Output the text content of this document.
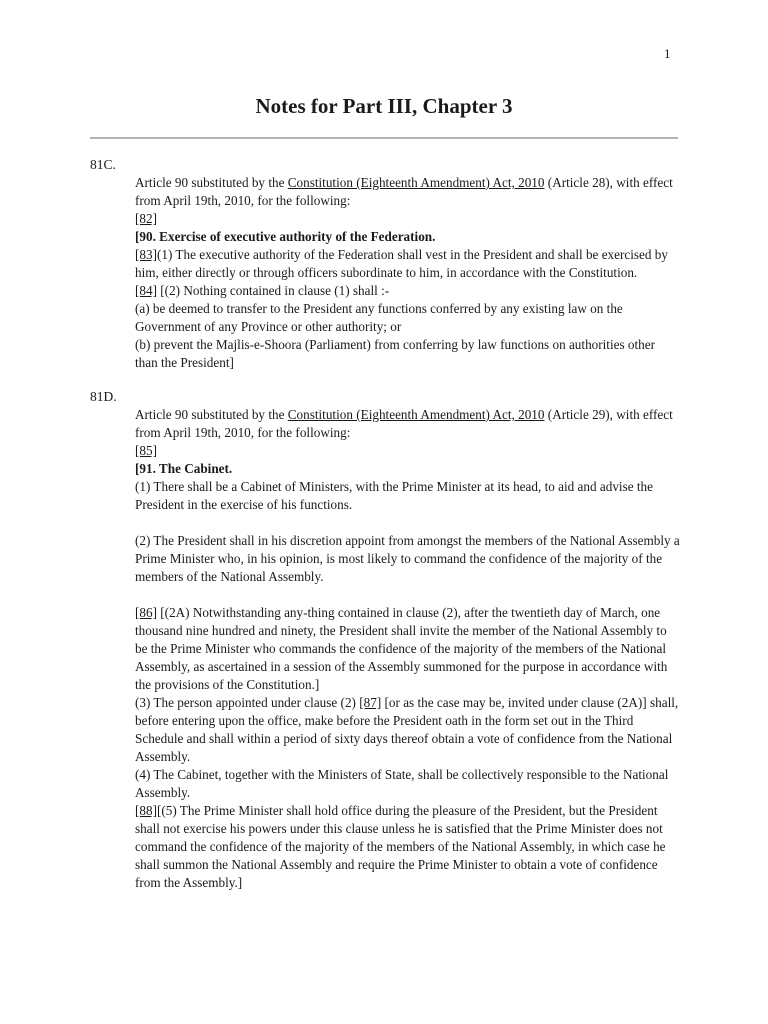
1
Notes for Part III, Chapter 3
81C.

Article 90 substituted by the Constitution (Eighteenth Amendment) Act, 2010 (Article 28), with effect from April 19th, 2010, for the following:

[82]

[90. Exercise of executive authority of the Federation.

[83](1) The executive authority of the Federation shall vest in the President and shall be exercised by him, either directly or through officers subordinate to him, in accordance with the Constitution.

[84] [(2) Nothing contained in clause (1) shall :-

(a) be deemed to transfer to the President any functions conferred by any existing law on the Government of any Province or other authority; or

(b) prevent the Majlis-e-Shoora (Parliament) from conferring by law functions on authorities other than the President]

81D.

Article 90 substituted by the Constitution (Eighteenth Amendment) Act, 2010 (Article 29), with effect from April 19th, 2010, for the following:

[85]

[91. The Cabinet.

(1) There shall be a Cabinet of Ministers, with the Prime Minister at its head, to aid and advise the President in the exercise of his functions.

(2) The President shall in his discretion appoint from amongst the members of the National Assembly a Prime Minister who, in his opinion, is most likely to command the confidence of the majority of the members of the National Assembly.

[86] [(2A) Notwithstanding any-thing contained in clause (2), after the twentieth day of March, one thousand nine hundred and ninety, the President shall invite the member of the National Assembly to be the Prime Minister who commands the confidence of the majority of the members of the National Assembly, as ascertained in a session of the Assembly summoned for the purpose in accordance with the provisions of the Constitution.]

(3) The person appointed under clause (2) [87] [or as the case may be, invited under clause (2A)] shall, before entering upon the office, make before the President oath in the form set out in the Third Schedule and shall within a period of sixty days thereof obtain a vote of confidence from the National Assembly.

(4) The Cabinet, together with the Ministers of State, shall be collectively responsible to the National Assembly.

[88][(5) The Prime Minister shall hold office during the pleasure of the President, but the President shall not exercise his powers under this clause unless he is satisfied that the Prime Minister does not command the confidence of the majority of the members of the National Assembly, in which case he shall summon the National Assembly and require the Prime Minister to obtain a vote of confidence from the Assembly.]
